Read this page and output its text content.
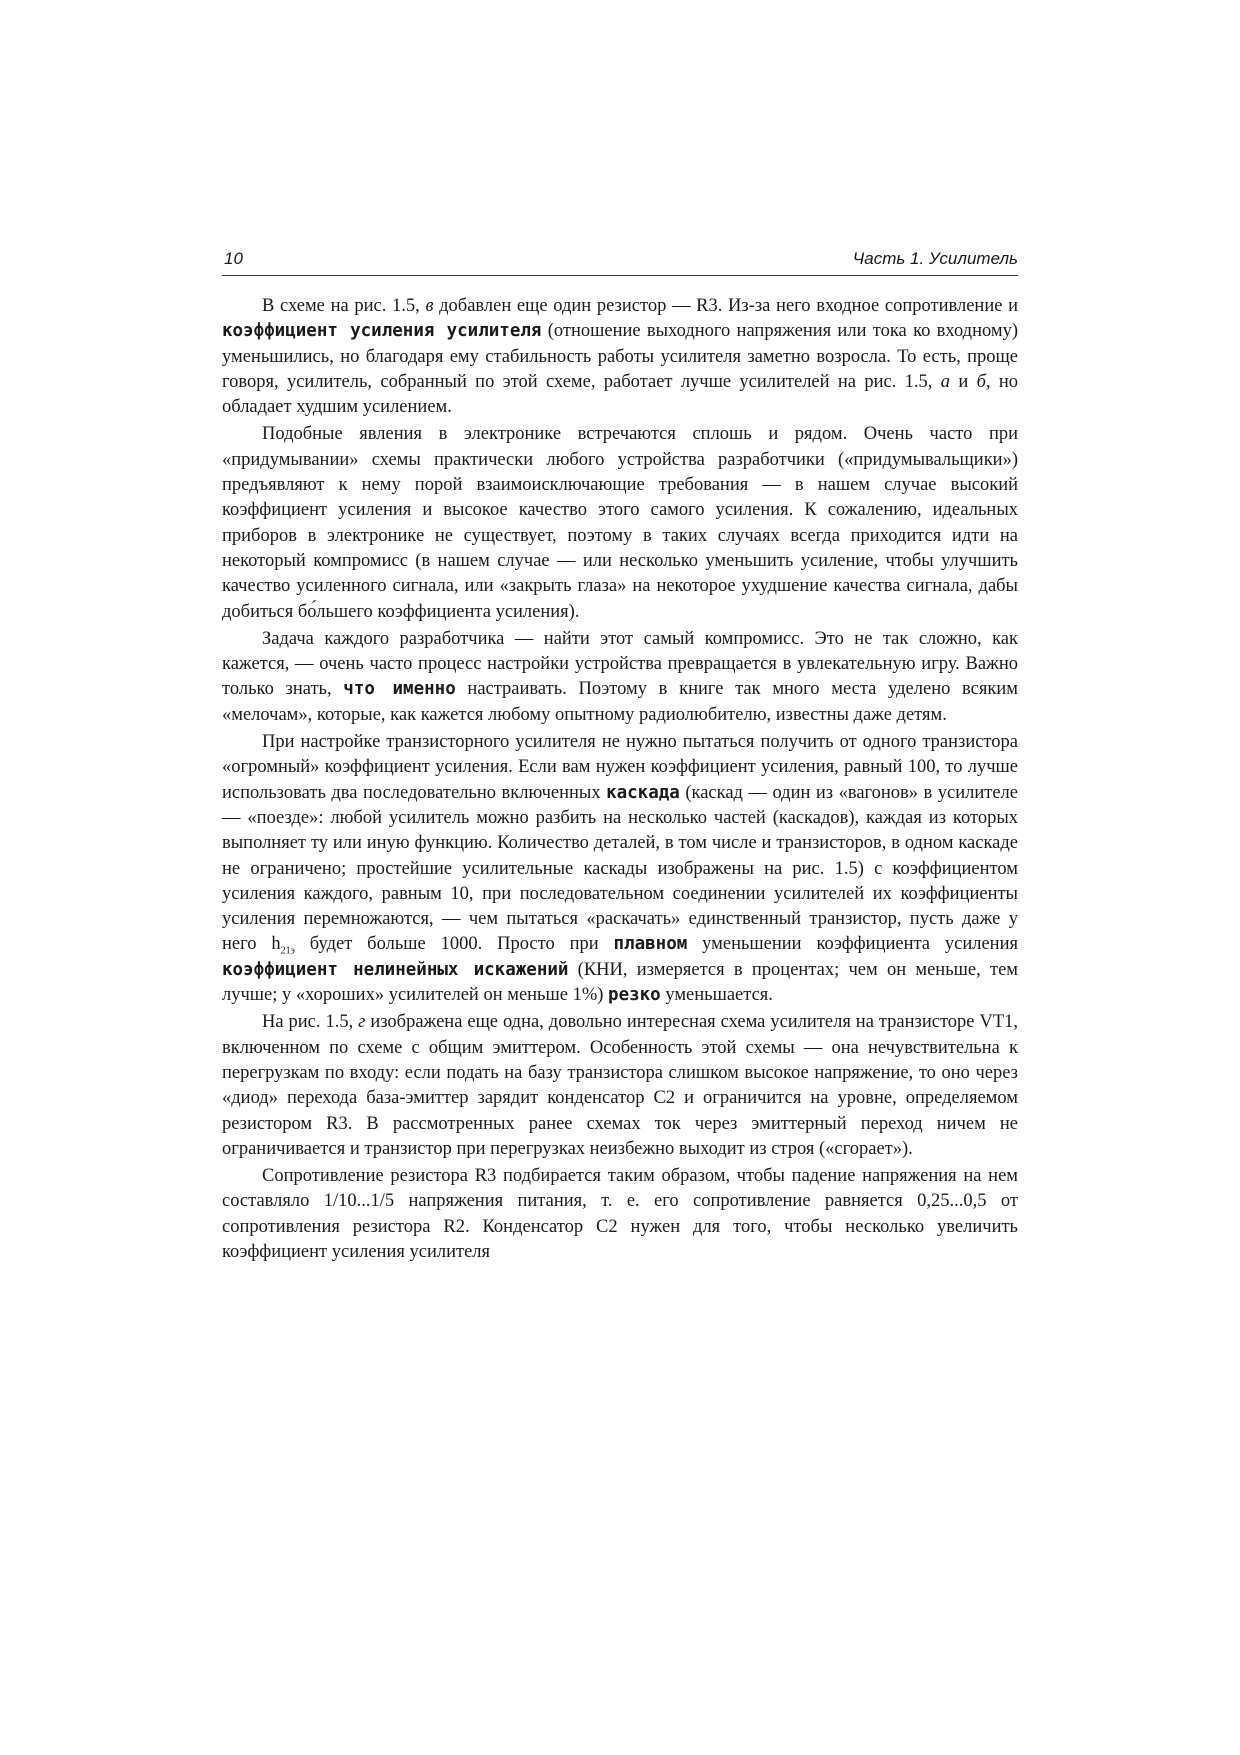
10	Часть 1. Усилитель

В схеме на рис. 1.5, в добавлен еще один резистор — R3. Из-за него входное сопротивление и коэффициент усиления усилителя (отношение выходного напряжения или тока ко входному) уменьшились, но благодаря ему стабильность работы усилителя заметно возросла. То есть, проще говоря, усилитель, собранный по этой схеме, работает лучше усилителей на рис. 1.5, а и б, но обладает худшим усилением.

Подобные явления в электронике встречаются сплошь и рядом. Очень часто при «придумывании» схемы практически любого устройства разработчики («придумывальщики») предъявляют к нему порой взаимоисключающие требования — в нашем случае высокий коэффициент усиления и высокое качество этого самого усиления. К сожалению, идеальных приборов в электронике не существует, поэтому в таких случаях всегда приходится идти на некоторый компромисс (в нашем случае — или несколько уменьшить усиление, чтобы улучшить качество усиленного сигнала, или «закрыть глаза» на некоторое ухудшение качества сигнала, дабы добиться бо́льшего коэффициента усиления).

Задача каждого разработчика — найти этот самый компромисс. Это не так сложно, как кажется, — очень часто процесс настройки устройства превращается в увлекательную игру. Важно только знать, что именно настраивать. Поэтому в книге так много места уделено всяким «мелочам», которые, как кажется любому опытному радиолюбителю, известны даже детям.

При настройке транзисторного усилителя не нужно пытаться получить от одного транзистора «огромный» коэффициент усиления. Если вам нужен коэффициент усиления, равный 100, то лучше использовать два последовательно включенных каскада (каскад — один из «вагонов» в усилителе — «поезде»: любой усилитель можно разбить на несколько частей (каскадов), каждая из которых выполняет ту или иную функцию. Количество деталей, в том числе и транзисторов, в одном каскаде не ограничено; простейшие усилительные каскады изображены на рис. 1.5) с коэффициентом усиления каждого, равным 10, при последовательном соединении усилителей их коэффициенты усиления перемножаются, — чем пытаться «раскачать» единственный транзистор, пусть даже у него $h_{21э}$ будет больше 1000. Просто при плавном уменьшении коэффициента усиления коэффициент нелинейных искажений (КНИ, измеряется в процентах; чем он меньше, тем лучше; у «хороших» усилителей он меньше 1%) резко уменьшается.

На рис. 1.5, г изображена еще одна, довольно интересная схема усилителя на транзисторе VT1, включенном по схеме с общим эмиттером. Особенность этой схемы — она нечувствительна к перегрузкам по входу: если подать на базу транзистора слишком высокое напряжение, то оно через «диод» перехода база-эмиттер зарядит конденсатор С2 и ограничится на уровне, определяемом резистором R3. В рассмотренных ранее схемах ток через эмиттерный переход ничем не ограничивается и транзистор при перегрузках неизбежно выходит из строя («сгорает»).

Сопротивление резистора R3 подбирается таким образом, чтобы падение напряжения на нем составляло 1/10...1/5 напряжения питания, т. е. его сопротивление равняется 0,25...0,5 от сопротивления резистора R2. Конденсатор С2 нужен для того, чтобы несколько увеличить коэффициент усиления усилителя
